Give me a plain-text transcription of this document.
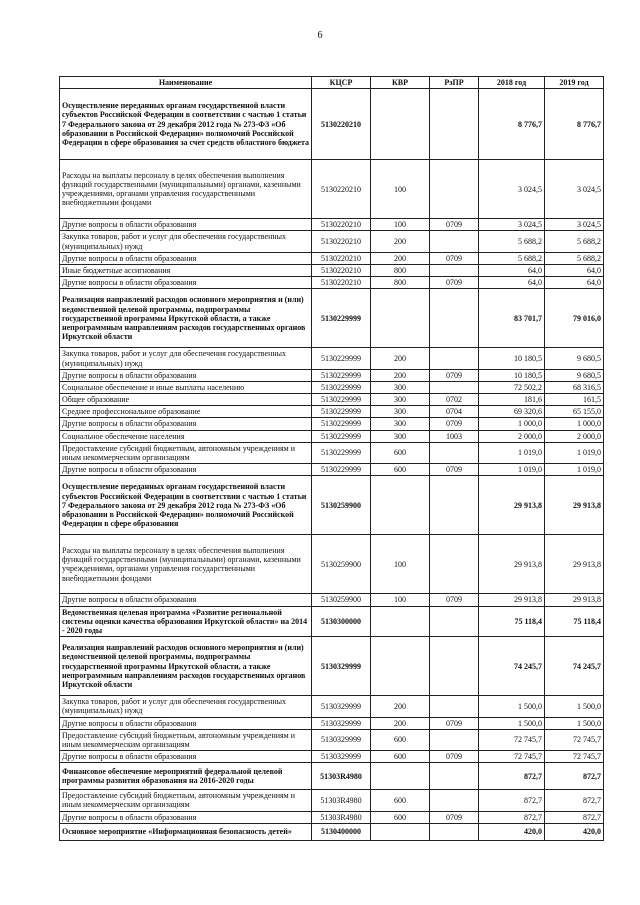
6
Наименование	КЦСР	КВР	РзПР	2018 год	2019 год
Осуществление переданных органам государственной власти субъектов Российской Федерации в соответствии с частью 1 статьи 7 Федерального закона от 29 декабря 2012 года № 273-ФЗ «Об образовании в Российской Федерации» полномочий Российской Федерации в сфере образования за счет средств областного бюджета	5130220210			8 776,7	8 776,7
Расходы на выплаты персоналу в целях обеспечения выполнения функций государственными (муниципальными) органами, казенными учреждениями, органами управления государственными внебюджетными фондами	5130220210	100		3 024,5	3 024,5
Другие вопросы в области образования	5130220210	100	0709	3 024,5	3 024,5
Закупка товаров, работ и услуг для обеспечения государственных (муниципальных) нужд	5130220210	200		5 688,2	5 688,2
Другие вопросы в области образования	5130220210	200	0709	5 688,2	5 688,2
Иные бюджетные ассигнования	5130220210	800		64,0	64,0
Другие вопросы в области образования	5130220210	800	0709	64,0	64,0
Реализация направлений расходов основного мероприятия и (или) ведомственной целевой программы, подпрограммы государственной программы Иркутской области, а также непрограммным направлениям расходов государственных органов Иркутской области	5130229999			83 701,7	79 016,0
Закупка товаров, работ и услуг для обеспечения государственных (муниципальных) нужд	5130229999	200		10 180,5	9 680,5
Другие вопросы в области образования	5130229999	200	0709	10 180,5	9 680,5
Социальное обеспечение и иные выплаты населению	5130229999	300		72 502,2	68 316,5
Общее образование	5130229999	300	0702	181,6	161,5
Среднее профессиональное образование	5130229999	300	0704	69 320,6	65 155,0
Другие вопросы в области образования	5130229999	300	0709	1 000,0	1 000,0
Социальное обеспечение населения	5130229999	300	1003	2 000,0	2 000,0
Предоставление субсидий бюджетным, автономным учреждениям и иным некоммерческим организациям	5130229999	600		1 019,0	1 019,0
Другие вопросы в области образования	5130229999	600	0709	1 019,0	1 019,0
Осуществление переданных органам государственной власти субъектов Российской Федерации в соответствии с частью 1 статьи 7 Федерального закона от 29 декабря 2012 года № 273-ФЗ «Об образовании в Российской Федерации» полномочий Российской Федерации в сфере образования	5130259900			29 913,8	29 913,8
Расходы на выплаты персоналу в целях обеспечения выполнения функций государственными (муниципальными) органами, казенными учреждениями, органами управления государственными внебюджетными фондами	5130259900	100		29 913,8	29 913,8
Другие вопросы в области образования	5130259900	100	0709	29 913,8	29 913,8
Ведомственная целевая программа «Развитие региональной системы оценки качества образования Иркутской области» на 2014 - 2020 годы	5130300000			75 118,4	75 118,4
Реализация направлений расходов основного мероприятия и (или) ведомственной целевой программы, подпрограммы государственной программы Иркутской области, а также непрограммным направлениям расходов государственных органов Иркутской области	5130329999			74 245,7	74 245,7
Закупка товаров, работ и услуг для обеспечения государственных (муниципальных) нужд	5130329999	200		1 500,0	1 500,0
Другие вопросы в области образования	5130329999	200	0709	1 500,0	1 500,0
Предоставление субсидий бюджетным, автономным учреждениям и иным некоммерческим организациям	5130329999	600		72 745,7	72 745,7
Другие вопросы в области образования	5130329999	600	0709	72 745,7	72 745,7
Финансовое обеспечение мероприятий федеральной целевой программы развития образования на 2016-2020 годы	51303R4980			872,7	872,7
Предоставление субсидий бюджетным, автономным учреждениям и иным некоммерческим организациям	51303R4980	600		872,7	872,7
Другие вопросы в области образования	51303R4980	600	0709	872,7	872,7
Основное мероприятие «Информационная безопасность детей»	5130400000			420,0	420,0
